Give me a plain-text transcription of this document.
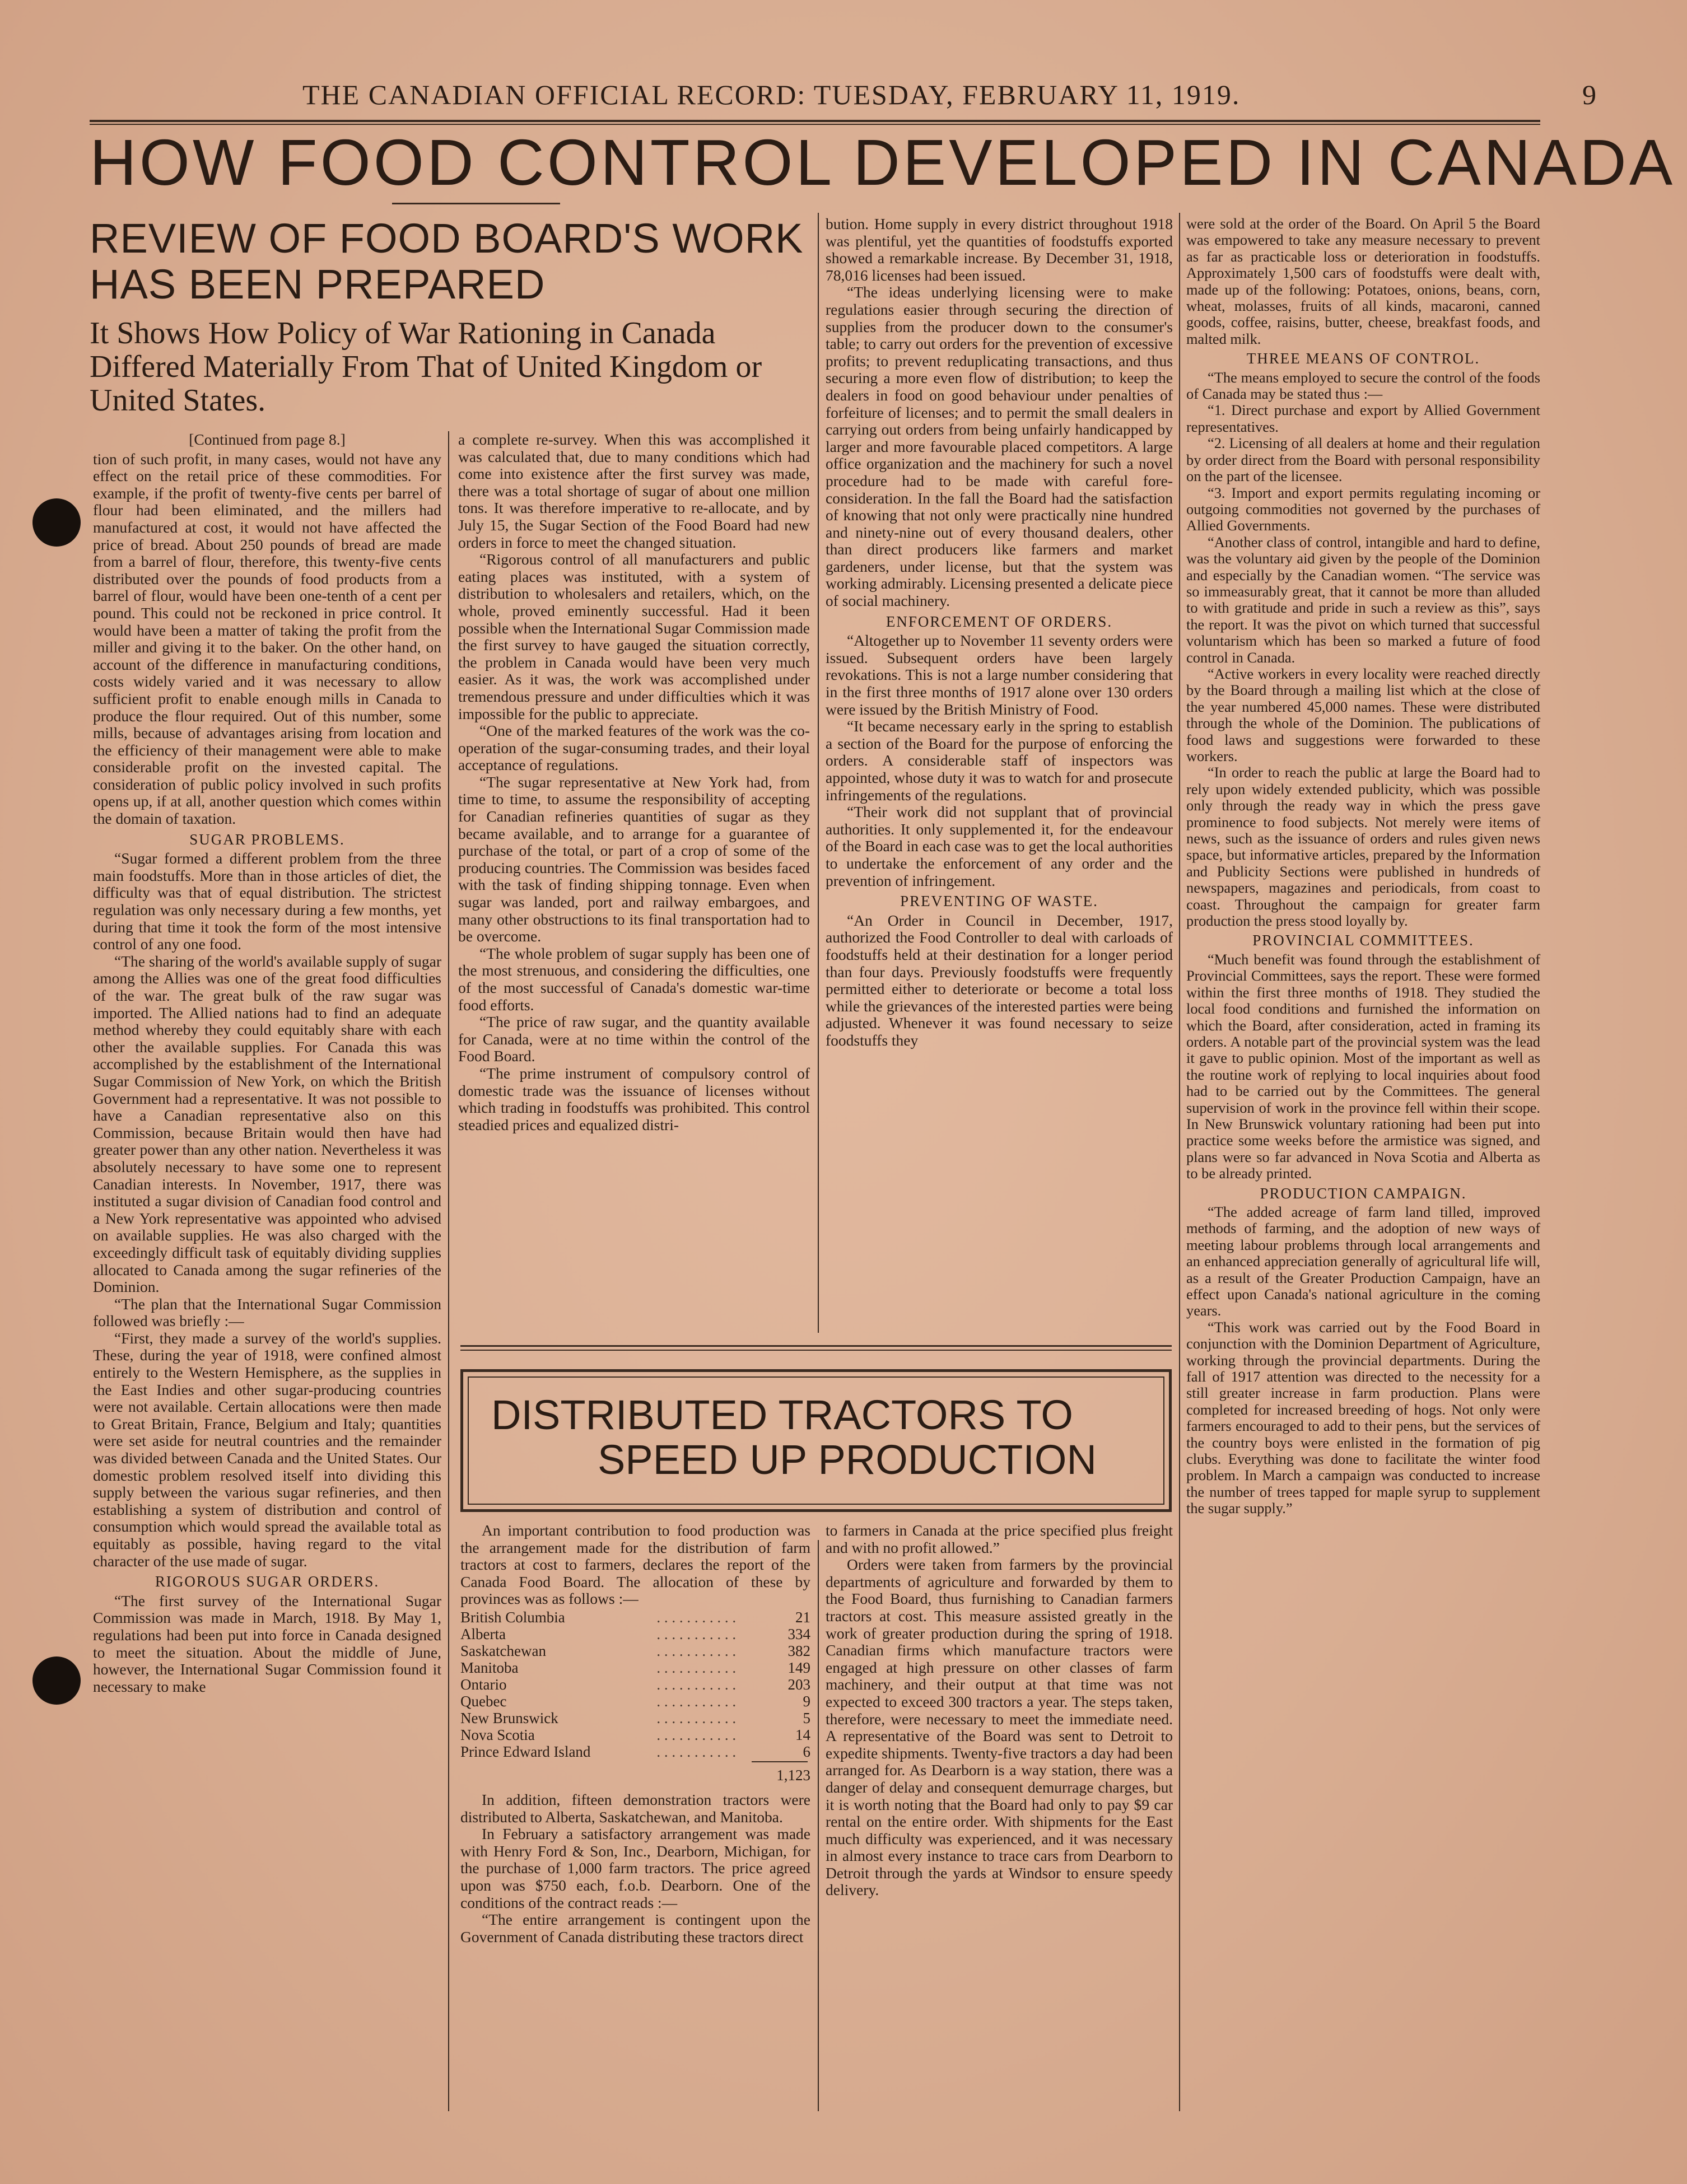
THE CANADIAN OFFICIAL RECORD: TUESDAY, FEBRUARY 11, 1919.	9
HOW FOOD CONTROL DEVELOPED IN CANADA
REVIEW OF FOOD BOARD'S WORK HAS BEEN PREPARED
It Shows How Policy of War Rationing in Canada Differed Materially From That of United Kingdom or United States.

[Continued from page 8.]

tion of such profit, in many cases, would not have any effect on the retail price of these commodities. For example, if the profit of twenty-five cents per barrel of flour had been eliminated, and the millers had manufactured at cost, it would not have affected the price of bread. About 250 pounds of bread are made from a barrel of flour, therefore, this twenty-five cents distributed over the pounds of food products from a barrel of flour, would have been one-tenth of a cent per pound. This could not be reckoned in price control. It would have been a matter of taking the profit from the miller and giving it to the baker. On the other hand, on account of the difference in manufacturing conditions, costs widely varied and it was necessary to allow sufficient profit to enable enough mills in Canada to produce the flour required. Out of this number, some mills, because of advantages arising from location and the efficiency of their management were able to make considerable profit on the invested capital. The consideration of public policy involved in such profits opens up, if at all, another question which comes within the domain of taxation.

SUGAR PROBLEMS.

“Sugar formed a different problem from the three main foodstuffs. More than in those articles of diet, the difficulty was that of equal distribution. The strictest regulation was only necessary during a few months, yet during that time it took the form of the most intensive control of any one food.

“The sharing of the world's available supply of sugar among the Allies was one of the great food difficulties of the war. The great bulk of the raw sugar was imported. The Allied nations had to find an adequate method whereby they could equitably share with each other the available supplies. For Canada this was accomplished by the establishment of the International Sugar Commission of New York, on which the British Government had a representative. It was not possible to have a Canadian representative also on this Commission, because Britain would then have had greater power than any other nation. Nevertheless it was absolutely necessary to have some one to represent Canadian interests. In November, 1917, there was instituted a sugar division of Canadian food control and a New York representative was appointed who advised on available supplies. He was also charged with the exceedingly difficult task of equitably dividing supplies allocated to Canada among the sugar refineries of the Dominion.

“The plan that the International Sugar Commission followed was briefly :—

“First, they made a survey of the world's supplies. These, during the year of 1918, were confined almost entirely to the Western Hemisphere, as the supplies in the East Indies and other sugar-producing countries were not available. Certain allocations were then made to Great Britain, France, Belgium and Italy; quantities were set aside for neutral countries and the remainder was divided between Canada and the United States. Our domestic problem resolved itself into dividing this supply between the various sugar refineries, and then establishing a system of distribution and control of consumption which would spread the available total as equitably as possible, having regard to the vital character of the use made of sugar.

RIGOROUS SUGAR ORDERS.

“The first survey of the International Sugar Commission was made in March, 1918. By May 1, regulations had been put into force in Canada designed to meet the situation. About the middle of June, however, the International Sugar Commission found it necessary to make

a complete re-survey. When this was accomplished it was calculated that, due to many conditions which had come into existence after the first survey was made, there was a total shortage of sugar of about one million tons. It was therefore imperative to re-allocate, and by July 15, the Sugar Section of the Food Board had new orders in force to meet the changed situation.

“Rigorous control of all manufacturers and public eating places was instituted, with a system of distribution to wholesalers and retailers, which, on the whole, proved eminently successful. Had it been possible when the International Sugar Commission made the first survey to have gauged the situation correctly, the problem in Canada would have been very much easier. As it was, the work was accomplished under tremendous pressure and under difficulties which it was impossible for the public to appreciate.

“One of the marked features of the work was the co-operation of the sugar-consuming trades, and their loyal acceptance of regulations.

“The sugar representative at New York had, from time to time, to assume the responsibility of accepting for Canadian refineries quantities of sugar as they became available, and to arrange for a guarantee of purchase of the total, or part of a crop of some of the producing countries. The Commission was besides faced with the task of finding shipping tonnage. Even when sugar was landed, port and railway embargoes, and many other obstructions to its final transportation had to be overcome.

“The whole problem of sugar supply has been one of the most strenuous, and considering the difficulties, one of the most successful of Canada's domestic war-time food efforts.

“The price of raw sugar, and the quantity available for Canada, were at no time within the control of the Food Board.

“The prime instrument of compulsory control of domestic trade was the issuance of licenses without which trading in foodstuffs was prohibited. This control steadied prices and equalized distri-

bution. Home supply in every district throughout 1918 was plentiful, yet the quantities of foodstuffs exported showed a remarkable increase. By December 31, 1918, 78,016 licenses had been issued.

“The ideas underlying licensing were to make regulations easier through securing the direction of supplies from the producer down to the consumer's table; to carry out orders for the prevention of excessive profits; to prevent reduplicating transactions, and thus securing a more even flow of distribution; to keep the dealers in food on good behaviour under penalties of forfeiture of licenses; and to permit the small dealers in carrying out orders from being unfairly handicapped by larger and more favourable placed competitors. A large office organization and the machinery for such a novel procedure had to be made with careful fore-consideration. In the fall the Board had the satisfaction of knowing that not only were practically nine hundred and ninety-nine out of every thousand dealers, other than direct producers like farmers and market gardeners, under license, but that the system was working admirably. Licensing presented a delicate piece of social machinery.

ENFORCEMENT OF ORDERS.

“Altogether up to November 11 seventy orders were issued. Subsequent orders have been largely revokations. This is not a large number considering that in the first three months of 1917 alone over 130 orders were issued by the British Ministry of Food.

“It became necessary early in the spring to establish a section of the Board for the purpose of enforcing the orders. A considerable staff of inspectors was appointed, whose duty it was to watch for and prosecute infringements of the regulations.

“Their work did not supplant that of provincial authorities. It only supplemented it, for the endeavour of the Board in each case was to get the local authorities to undertake the enforcement of any order and the prevention of infringement.

PREVENTING OF WASTE.

“An Order in Council in December, 1917, authorized the Food Controller to deal with carloads of foodstuffs held at their destination for a longer period than four days. Previously foodstuffs were frequently permitted either to deteriorate or become a total loss while the grievances of the interested parties were being adjusted. Whenever it was found necessary to seize foodstuffs they

were sold at the order of the Board. On April 5 the Board was empowered to take any measure necessary to prevent as far as practicable loss or deterioration in foodstuffs. Approximately 1,500 cars of foodstuffs were dealt with, made up of the following: Potatoes, onions, beans, corn, wheat, molasses, fruits of all kinds, macaroni, canned goods, coffee, raisins, butter, cheese, breakfast foods, and malted milk.

THREE MEANS OF CONTROL.

“The means employed to secure the control of the foods of Canada may be stated thus :—

“1. Direct purchase and export by Allied Government representatives.

“2. Licensing of all dealers at home and their regulation by order direct from the Board with personal responsibility on the part of the licensee.

“3. Import and export permits regulating incoming or outgoing commodities not governed by the purchases of Allied Governments.

“Another class of control, intangible and hard to define, was the voluntary aid given by the people of the Dominion and especially by the Canadian women. “The service was so immeasurably great, that it cannot be more than alluded to with gratitude and pride in such a review as this”, says the report. It was the pivot on which turned that successful voluntarism which has been so marked a future of food control in Canada.

“Active workers in every locality were reached directly by the Board through a mailing list which at the close of the year numbered 45,000 names. These were distributed through the whole of the Dominion. The publications of food laws and suggestions were forwarded to these workers.

“In order to reach the public at large the Board had to rely upon widely extended publicity, which was possible only through the ready way in which the press gave prominence to food subjects. Not merely were items of news, such as the issuance of orders and rules given news space, but informative articles, prepared by the Information and Publicity Sections were published in hundreds of newspapers, magazines and periodicals, from coast to coast. Throughout the campaign for greater farm production the press stood loyally by.

PROVINCIAL COMMITTEES.

“Much benefit was found through the establishment of Provincial Committees, says the report. These were formed within the first three months of 1918. They studied the local food conditions and furnished the information on which the Board, after consideration, acted in framing its orders. A notable part of the provincial system was the lead it gave to public opinion. Most of the important as well as the routine work of replying to local inquiries about food had to be carried out by the Committees. The general supervision of work in the province fell within their scope. In New Brunswick voluntary rationing had been put into practice some weeks before the armistice was signed, and plans were so far advanced in Nova Scotia and Alberta as to be already printed.

PRODUCTION CAMPAIGN.

“The added acreage of farm land tilled, improved methods of farming, and the adoption of new ways of meeting labour problems through local arrangements and an enhanced appreciation generally of agricultural life will, as a result of the Greater Production Campaign, have an effect upon Canada's national agriculture in the coming years.

“This work was carried out by the Food Board in conjunction with the Dominion Department of Agriculture, working through the provincial departments. During the fall of 1917 attention was directed to the necessity for a still greater increase in farm production. Plans were completed for increased breeding of hogs. Not only were farmers encouraged to add to their pens, but the services of the country boys were enlisted in the formation of pig clubs. Everything was done to facilitate the winter food problem. In March a campaign was conducted to increase the number of trees tapped for maple syrup to supplement the sugar supply.”

DISTRIBUTED TRACTORS TO
SPEED UP PRODUCTION

An important contribution to food production was the arrangement made for the distribution of farm tractors at cost to farmers, declares the report of the Canada Food Board. The allocation of these by provinces was as follows :—

British Columbia	. . . . . . . . . . .	21
Alberta	. . . . . . . . . . .	334
Saskatchewan	. . . . . . . . . . .	382
Manitoba	. . . . . . . . . . .	149
Ontario	. . . . . . . . . . .	203
Quebec	. . . . . . . . . . .	9
New Brunswick	. . . . . . . . . . .	5
Nova Scotia	. . . . . . . . . . .	14
Prince Edward Island	. . . . . . . . . . .	6
1,123

In addition, fifteen demonstration tractors were distributed to Alberta, Saskatchewan, and Manitoba.

In February a satisfactory arrangement was made with Henry Ford & Son, Inc., Dearborn, Michigan, for the purchase of 1,000 farm tractors. The price agreed upon was $750 each, f.o.b. Dearborn. One of the conditions of the contract reads :—

“The entire arrangement is contingent upon the Government of Canada distributing these tractors direct

to farmers in Canada at the price specified plus freight and with no profit allowed.”

Orders were taken from farmers by the provincial departments of agriculture and forwarded by them to the Food Board, thus furnishing to Canadian farmers tractors at cost. This measure assisted greatly in the work of greater production during the spring of 1918. Canadian firms which manufacture tractors were engaged at high pressure on other classes of farm machinery, and their output at that time was not expected to exceed 300 tractors a year. The steps taken, therefore, were necessary to meet the immediate need. A representative of the Board was sent to Detroit to expedite shipments. Twenty-five tractors a day had been arranged for. As Dearborn is a way station, there was a danger of delay and consequent demurrage charges, but it is worth noting that the Board had only to pay $9 car rental on the entire order. With shipments for the East much difficulty was experienced, and it was necessary in almost every instance to trace cars from Dearborn to Detroit through the yards at Windsor to ensure speedy delivery.
